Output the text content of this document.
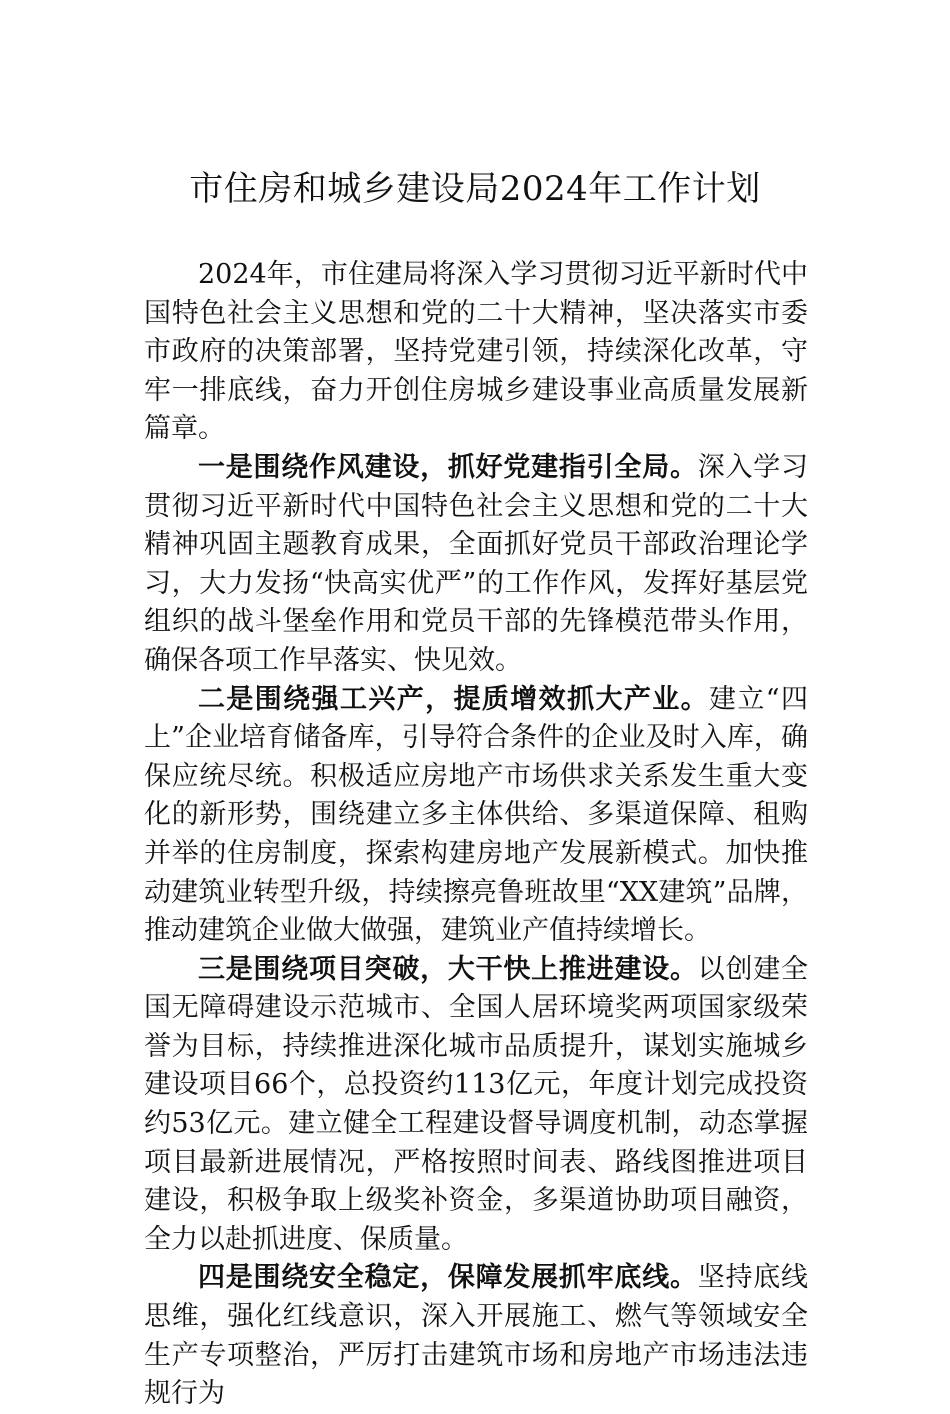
市住房和城乡建设局2024年工作计划

2024年，市住建局将深入学习贯彻习近平新时代中国特色社会主义思想和党的二十大精神，坚决落实市委市政府的决策部署，坚持党建引领，持续深化改革，守牢一排底线，奋力开创住房城乡建设事业高质量发展新篇章。

一是围绕作风建设，抓好党建指引全局。深入学习贯彻习近平新时代中国特色社会主义思想和党的二十大精神巩固主题教育成果，全面抓好党员干部政治理论学习，大力发扬“快高实优严”的工作作风，发挥好基层党组织的战斗堡垒作用和党员干部的先锋模范带头作用，确保各项工作早落实、快见效。

二是围绕强工兴产，提质增效抓大产业。建立“四上”企业培育储备库，引导符合条件的企业及时入库，确保应统尽统。积极适应房地产市场供求关系发生重大变化的新形势，围绕建立多主体供给、多渠道保障、租购并举的住房制度，探索构建房地产发展新模式。加快推动建筑业转型升级，持续擦亮鲁班故里“XX建筑”品牌，推动建筑企业做大做强，建筑业产值持续增长。

三是围绕项目突破，大干快上推进建设。以创建全国无障碍建设示范城市、全国人居环境奖两项国家级荣誉为目标，持续推进深化城市品质提升，谋划实施城乡建设项目66个，总投资约113亿元，年度计划完成投资约53亿元。建立健全工程建设督导调度机制，动态掌握项目最新进展情况，严格按照时间表、路线图推进项目建设，积极争取上级奖补资金，多渠道协助项目融资，全力以赴抓进度、保质量。

四是围绕安全稳定，保障发展抓牢底线。坚持底线思维，强化红线意识，深入开展施工、燃气等领域安全生产专项整治，严厉打击建筑市场和房地产市场违法违规行为
